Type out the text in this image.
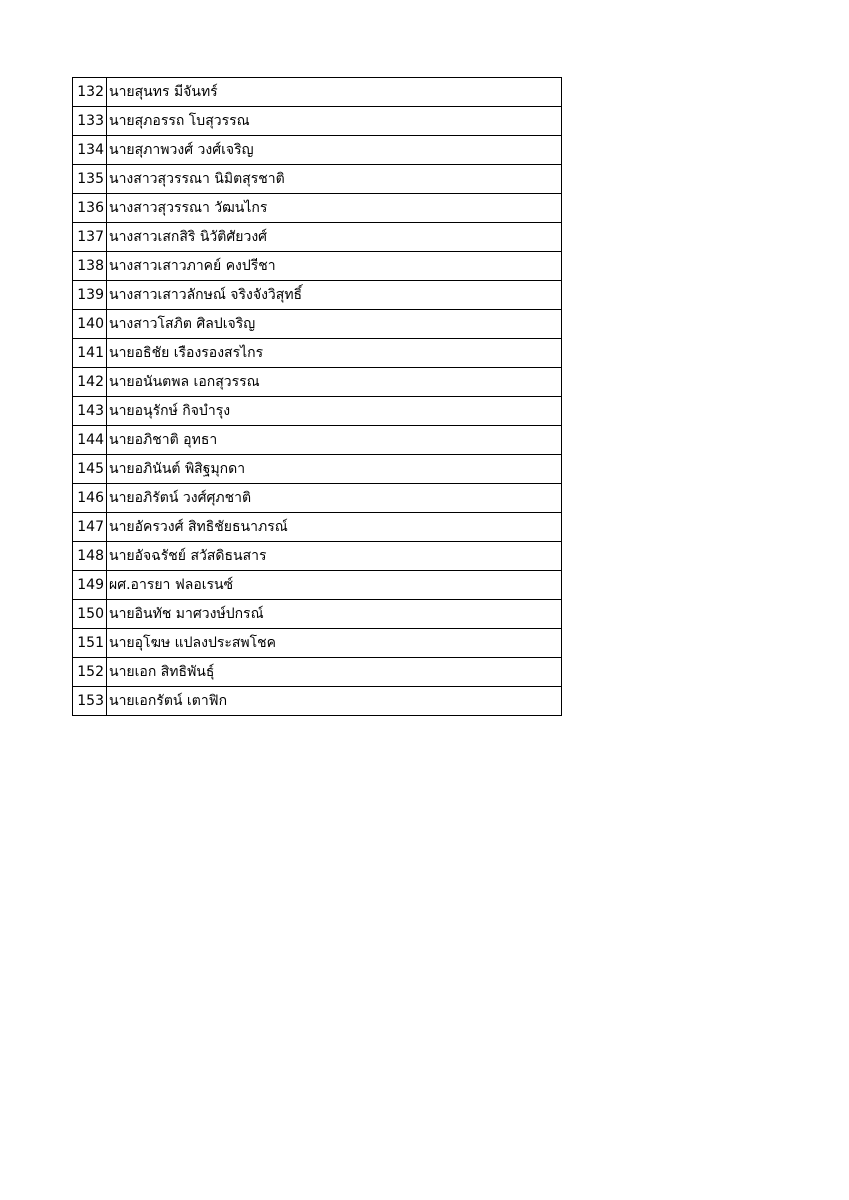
132	นายสุนทร มีจันทร์
133	นายสุภอรรถ โบสุวรรณ
134	นายสุภาพวงศ์ วงศ์เจริญ
135	นางสาวสุวรรณา นิมิตสุรชาติ
136	นางสาวสุวรรณา วัฒนไกร
137	นางสาวเสกสิริ นิวัติศัยวงศ์
138	นางสาวเสาวภาคย์ คงปรีชา
139	นางสาวเสาวลักษณ์ จริงจังวิสุทธิ์
140	นางสาวโสภิต ศิลปเจริญ
141	นายอธิชัย เรืองรองสรไกร
142	นายอนันตพล เอกสุวรรณ
143	นายอนุรักษ์ กิจบำรุง
144	นายอภิชาติ อุทธา
145	นายอภินันต์ พิสิฐมุกดา
146	นายอภิรัตน์ วงศ์ศุภชาติ
147	นายอัครวงศ์ สิทธิชัยธนาภรณ์
148	นายอัจฉรัชย์ สวัสดิธนสาร
149	ผศ.อารยา ฟลอเรนซ์
150	นายอินทัช มาศวงษ์ปกรณ์
151	นายอุโฆษ แปลงประสพโชค
152	นายเอก สิทธิพันธุ์
153	นายเอกรัตน์ เตาฟิก
